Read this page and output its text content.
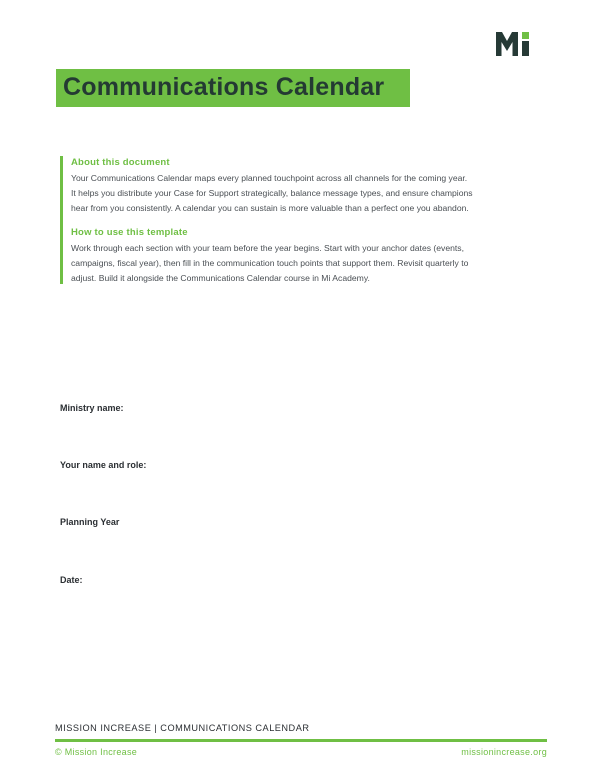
Communications Calendar
About this document

Your Communications Calendar maps every planned touchpoint across all channels for the coming year.
It helps you distribute your Case for Support strategically, balance message types, and ensure champions
hear from you consistently. A calendar you can sustain is more valuable than a perfect one you abandon.

How to use this template

Work through each section with your team before the year begins. Start with your anchor dates (events,
campaigns, fiscal year), then fill in the communication touch points that support them. Revisit quarterly to
adjust. Build it alongside the Communications Calendar course in Mi Academy.

Ministry name:
Your name and role:
Planning Year
Date:
MISSION INCREASE | COMMUNICATIONS CALENDAR
© Mission Increase	missionincrease.org
